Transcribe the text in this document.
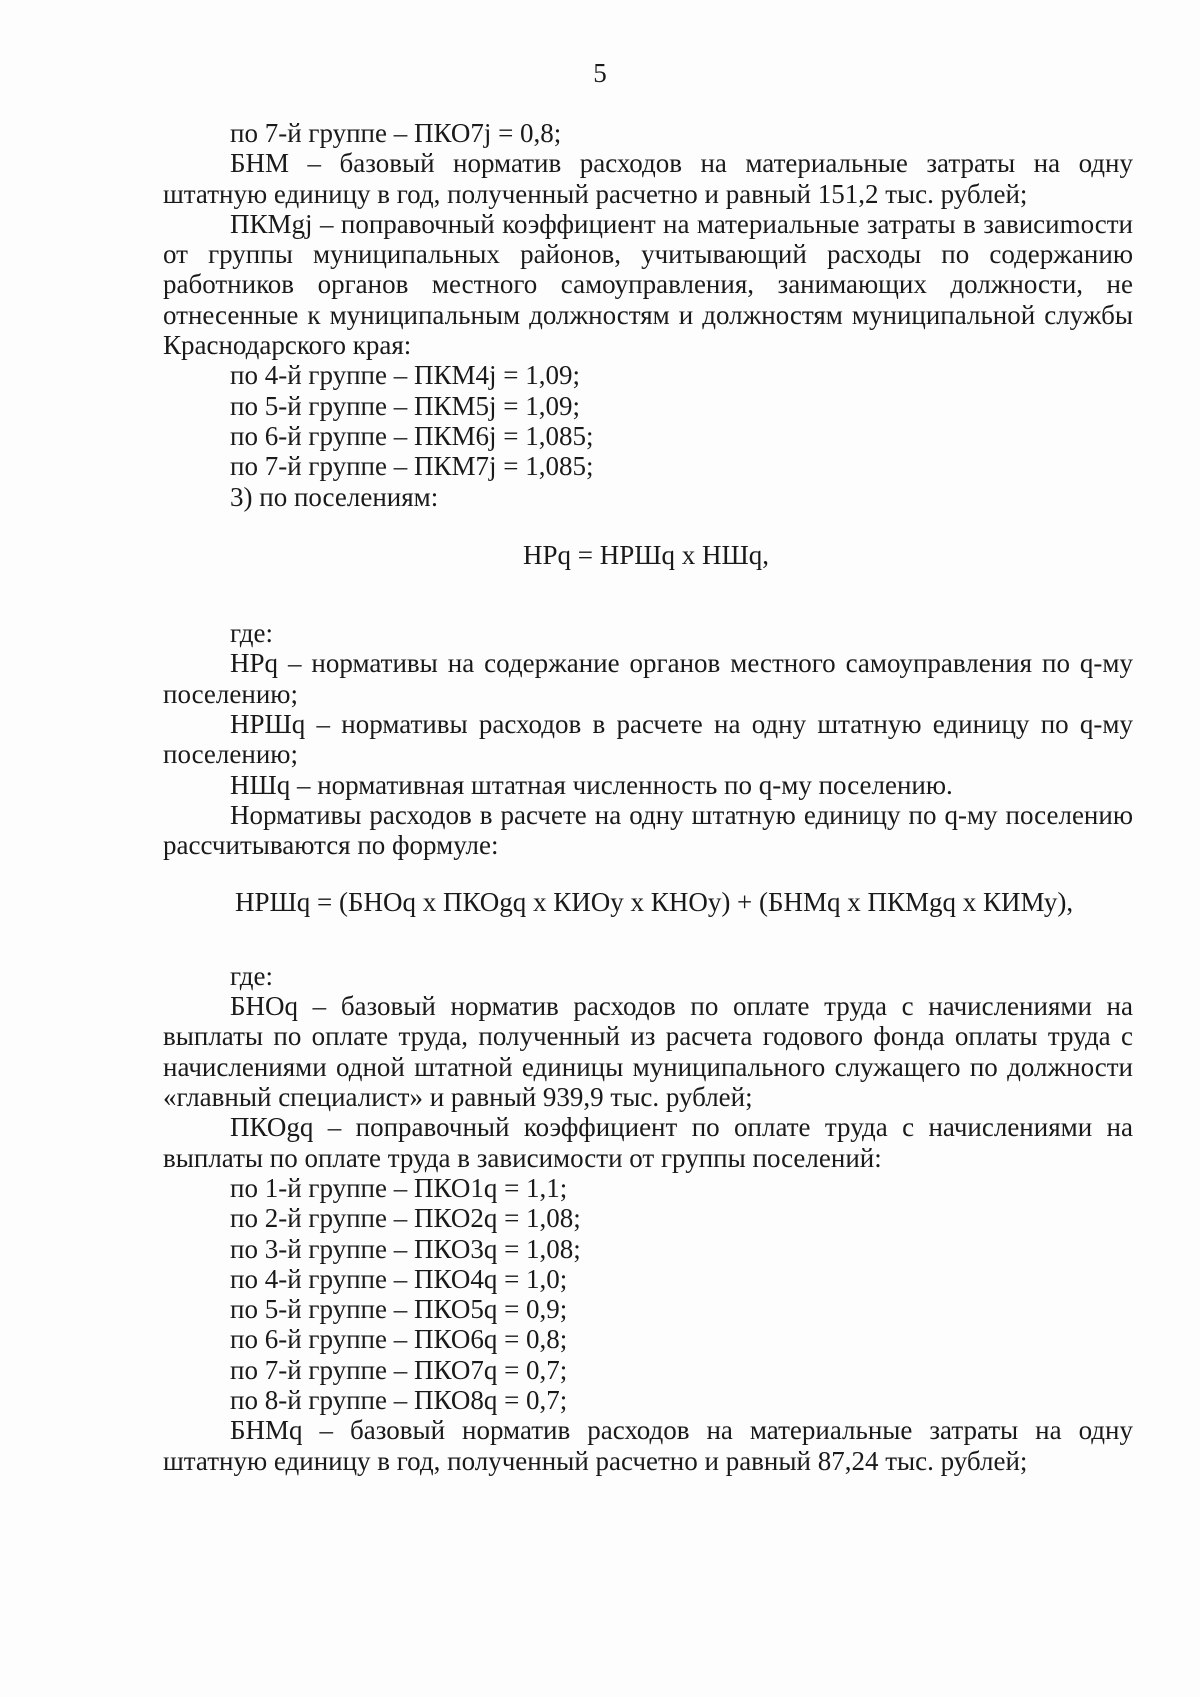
5

по 7-й группе – ПКО7j = 0,8;

БНМ – базовый норматив расходов на материальные затраты на одну штатную единицу в год, полученный расчетно и равный 151,2 тыс. рублей;

ПКМgj – поправочный коэффициент на материальные затраты в зависиmости от группы муниципальных районов, учитывающий расходы по содержанию работников органов местного самоуправления, занимающих должности, не отнесенные к муниципальным должностям и должностям муниципальной службы Краснодарского края:

по 4-й группе – ПКМ4j = 1,09;

по 5-й группе – ПКМ5j = 1,09;

по 6-й группе – ПКМ6j = 1,085;

по 7-й группе – ПКМ7j = 1,085;

3) по поселениям:

НРq = НРШq х НШq,

где:

НРq – нормативы на содержание органов местного самоуправления по q-му поселению;

НРШq – нормативы расходов в расчете на одну штатную единицу по q-му поселению;

НШq – нормативная штатная численность по q-му поселению.

Нормативы расходов в расчете на одну штатную единицу по q-му поселению рассчитываются по формуле:

НРШq = (БНОq х ПКОgq х КИОу х КНОу) + (БНМq х ПКМgq х КИМу),

где:

БНОq – базовый норматив расходов по оплате труда с начислениями на выплаты по оплате труда, полученный из расчета годового фонда оплаты труда с начислениями одной штатной единицы муниципального служащего по должности «главный специалист» и равный 939,9 тыс. рублей;

ПКОgq – поправочный коэффициент по оплате труда с начислениями на выплаты по оплате труда в зависимости от группы поселений:

по 1-й группе – ПКО1q = 1,1;

по 2-й группе – ПКО2q = 1,08;

по 3-й группе – ПКО3q = 1,08;

по 4-й группе – ПКО4q = 1,0;

по 5-й группе – ПКО5q = 0,9;

по 6-й группе – ПКО6q = 0,8;

по 7-й группе – ПКО7q = 0,7;

по 8-й группе – ПКО8q = 0,7;

БНМq – базовый норматив расходов на материальные затраты на одну штатную единицу в год, полученный расчетно и равный 87,24 тыс. рублей;
